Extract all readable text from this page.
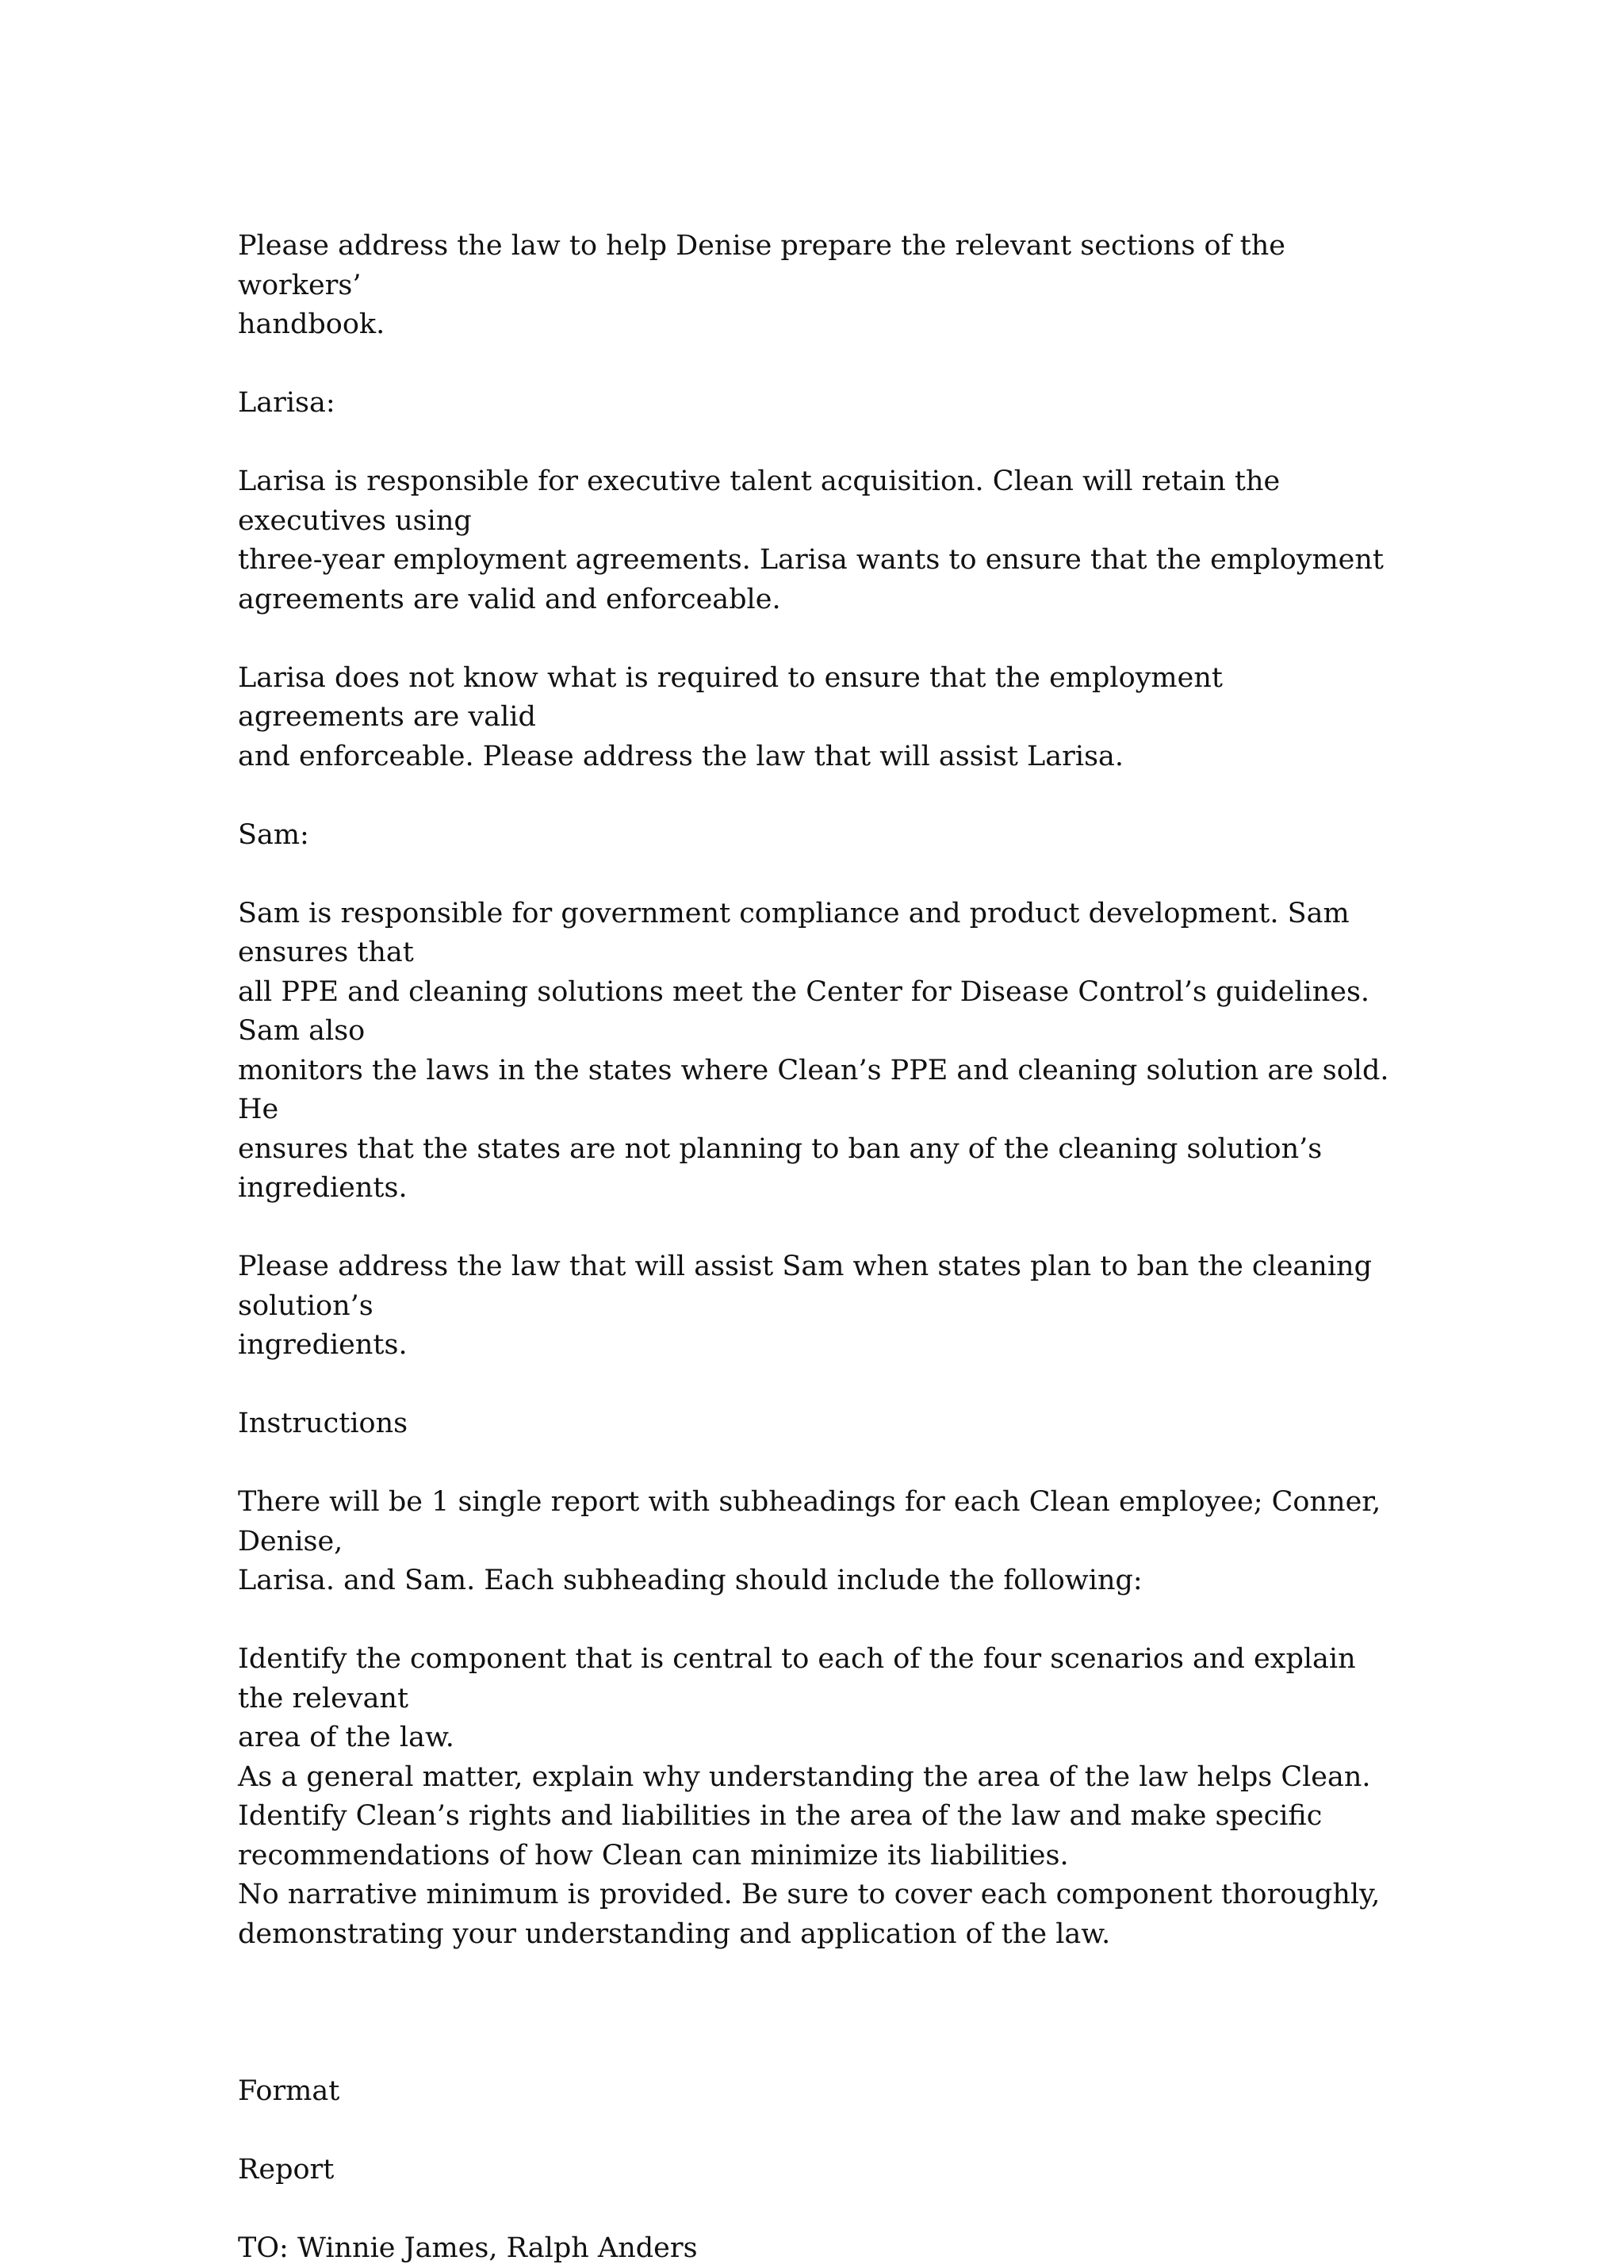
Please address the law to help Denise prepare the relevant sections of the workers’
handbook.

Larisa:

Larisa is responsible for executive talent acquisition. Clean will retain the executives using
three-year employment agreements. Larisa wants to ensure that the employment
agreements are valid and enforceable.

Larisa does not know what is required to ensure that the employment agreements are valid
and enforceable. Please address the law that will assist Larisa.

Sam:

Sam is responsible for government compliance and product development. Sam ensures that
all PPE and cleaning solutions meet the Center for Disease Control’s guidelines. Sam also
monitors the laws in the states where Clean’s PPE and cleaning solution are sold. He
ensures that the states are not planning to ban any of the cleaning solution’s ingredients.

Please address the law that will assist Sam when states plan to ban the cleaning solution’s
ingredients.

Instructions

There will be 1 single report with subheadings for each Clean employee; Conner, Denise,
Larisa. and Sam. Each subheading should include the following:

Identify the component that is central to each of the four scenarios and explain the relevant
area of the law.
As a general matter, explain why understanding the area of the law helps Clean.
Identify Clean’s rights and liabilities in the area of the law and make specific
recommendations of how Clean can minimize its liabilities.
No narrative minimum is provided. Be sure to cover each component thoroughly,
demonstrating your understanding and application of the law.

Format

Report

TO: Winnie James, Ralph Anders
